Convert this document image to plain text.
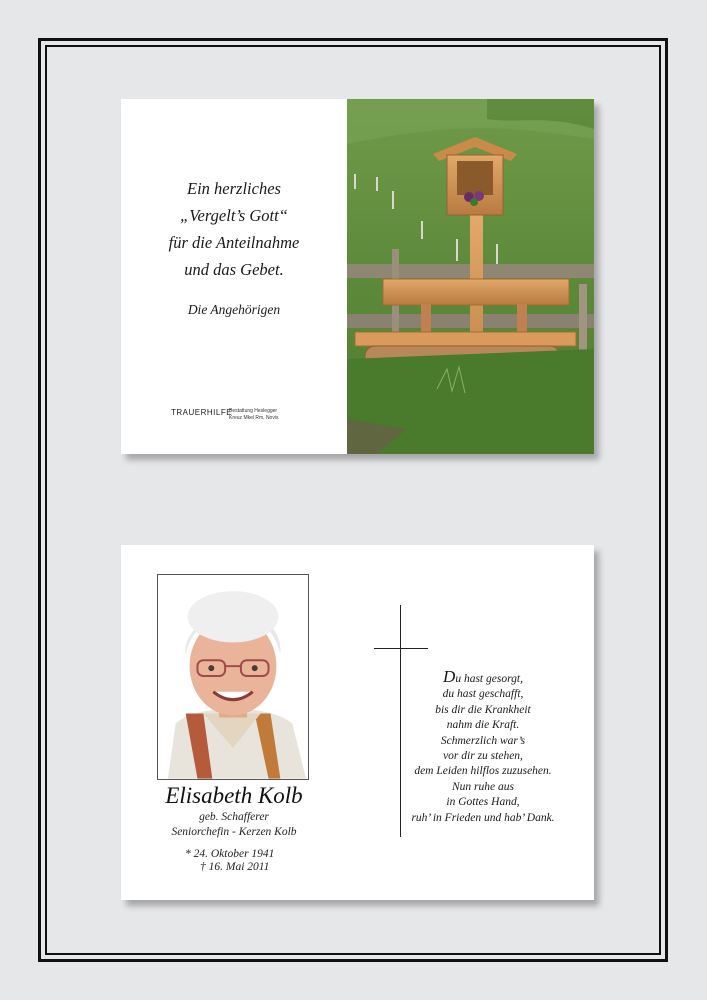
Ein herzliches
„Vergelt’s Gott“
für die Anteilnahme
und das Gebet.
Die Angehörigen
TRAUERHILFE
Bestattung Heslegger
Kreuz Mkel Rm, Novis
Elisabeth Kolb
geb. Schafferer
Seniorchefin - Kerzen Kolb
* 24. Oktober 1941
† 16. Mai 2011
Du hast gesorgt,
du hast geschafft,
bis dir die Krankheit
nahm die Kraft.
Schmerzlich war’s
vor dir zu stehen,
dem Leiden hilflos zuzusehen.
Nun ruhe aus
in Gottes Hand,
ruh’ in Frieden und hab’ Dank.
